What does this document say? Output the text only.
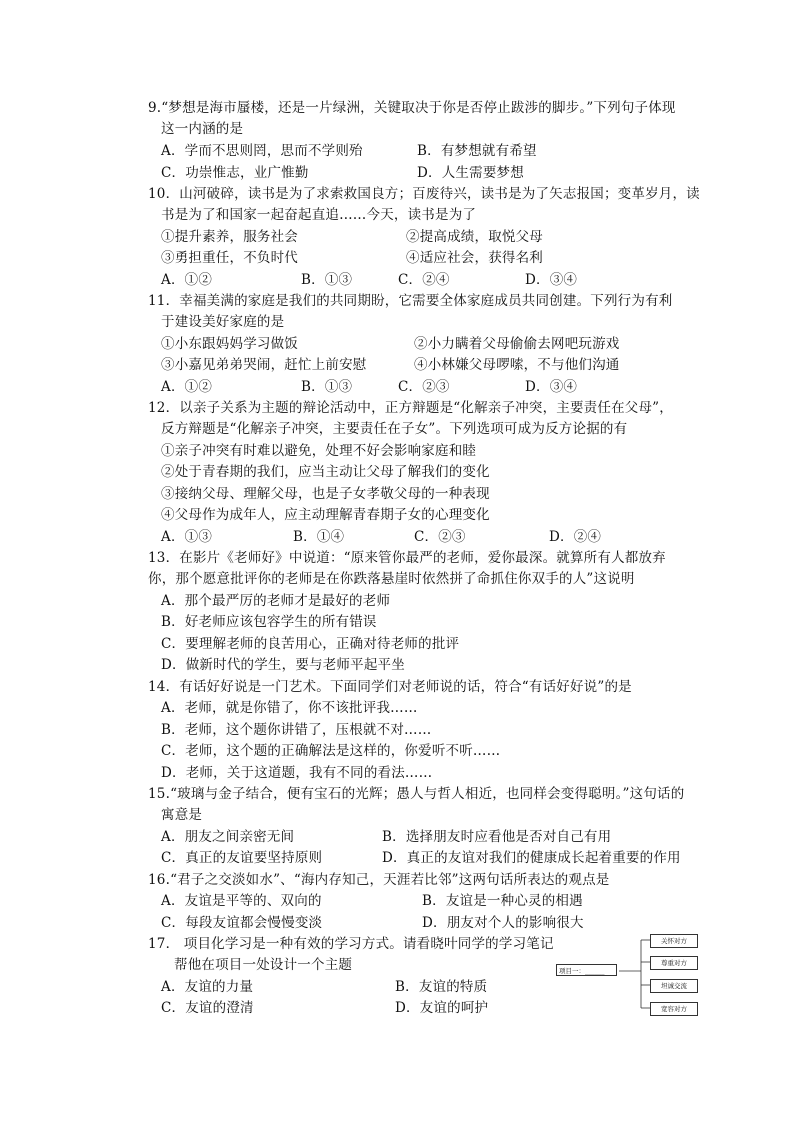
9.“梦想是海市蜃楼，还是一片绿洲，关键取决于你是否停止跋涉的脚步。”下列句子体现
这一内涵的是
A．学而不思则罔，思而不学则殆	B．有梦想就有希望
C．功崇惟志，业广惟勤	D．人生需要梦想
10．山河破碎，读书是为了求索救国良方；百废待兴，读书是为了矢志报国；变革岁月，读
书是为了和国家一起奋起直追……今天，读书是为了
①提升素养，服务社会	②提高成绩，取悦父母
③勇担重任，不负时代	④适应社会，获得名利
A．①②	B．①③	C．②④	D．③④
11．幸福美满的家庭是我们的共同期盼，它需要全体家庭成员共同创建。下列行为有利
于建设美好家庭的是
①小东跟妈妈学习做饭	②小力瞒着父母偷偷去网吧玩游戏
③小嘉见弟弟哭闹，赶忙上前安慰	④小林嫌父母啰嗦，不与他们沟通
A．①②	B．①③	C．②③	D．③④
12．以亲子关系为主题的辩论活动中，正方辩题是“化解亲子冲突，主要责任在父母”，
反方辩题是“化解亲子冲突，主要责任在子女”。下列选项可成为反方论据的有
①亲子冲突有时难以避免，处理不好会影响家庭和睦
②处于青春期的我们，应当主动让父母了解我们的变化
③接纳父母、理解父母，也是子女孝敬父母的一种表现
④父母作为成年人，应主动理解青春期子女的心理变化
A．①③	B．①④	C．②③	D．②④
13．在影片《老师好》中说道：“原来管你最严的老师，爱你最深。就算所有人都放弃
你，那个愿意批评你的老师是在你跌落悬崖时依然拼了命抓住你双手的人”这说明
A．那个最严厉的老师才是最好的老师
B．好老师应该包容学生的所有错误
C．要理解老师的良苦用心，正确对待老师的批评
D．做新时代的学生，要与老师平起平坐
14．有话好好说是一门艺术。下面同学们对老师说的话，符合“有话好好说”的是
A．老师，就是你错了，你不该批评我……
B．老师，这个题你讲错了，压根就不对……
C．老师，这个题的正确解法是这样的，你爱听不听……
D．老师，关于这道题，我有不同的看法……
15.“玻璃与金子结合，便有宝石的光辉；愚人与哲人相近，也同样会变得聪明。”这句话的
寓意是
A．朋友之间亲密无间	B．选择朋友时应看他是否对自己有用
C．真正的友谊要坚持原则	D．真正的友谊对我们的健康成长起着重要的作用
16.“君子之交淡如水”、“海内存知己，天涯若比邻”这两句话所表达的观点是
A．友谊是平等的、双向的	B．友谊是一种心灵的相遇
C．每段友谊都会慢慢变淡	D．朋友对个人的影响很大
17． 项目化学习是一种有效的学习方式。请看晓叶同学的学习笔记
帮他在项目一处设计一个主题
A．友谊的力量	B．友谊的特质
C．友谊的澄清	D．友谊的呵护
项目一：______
关怀对方
尊重对方
坦诚交流
宽容对方
